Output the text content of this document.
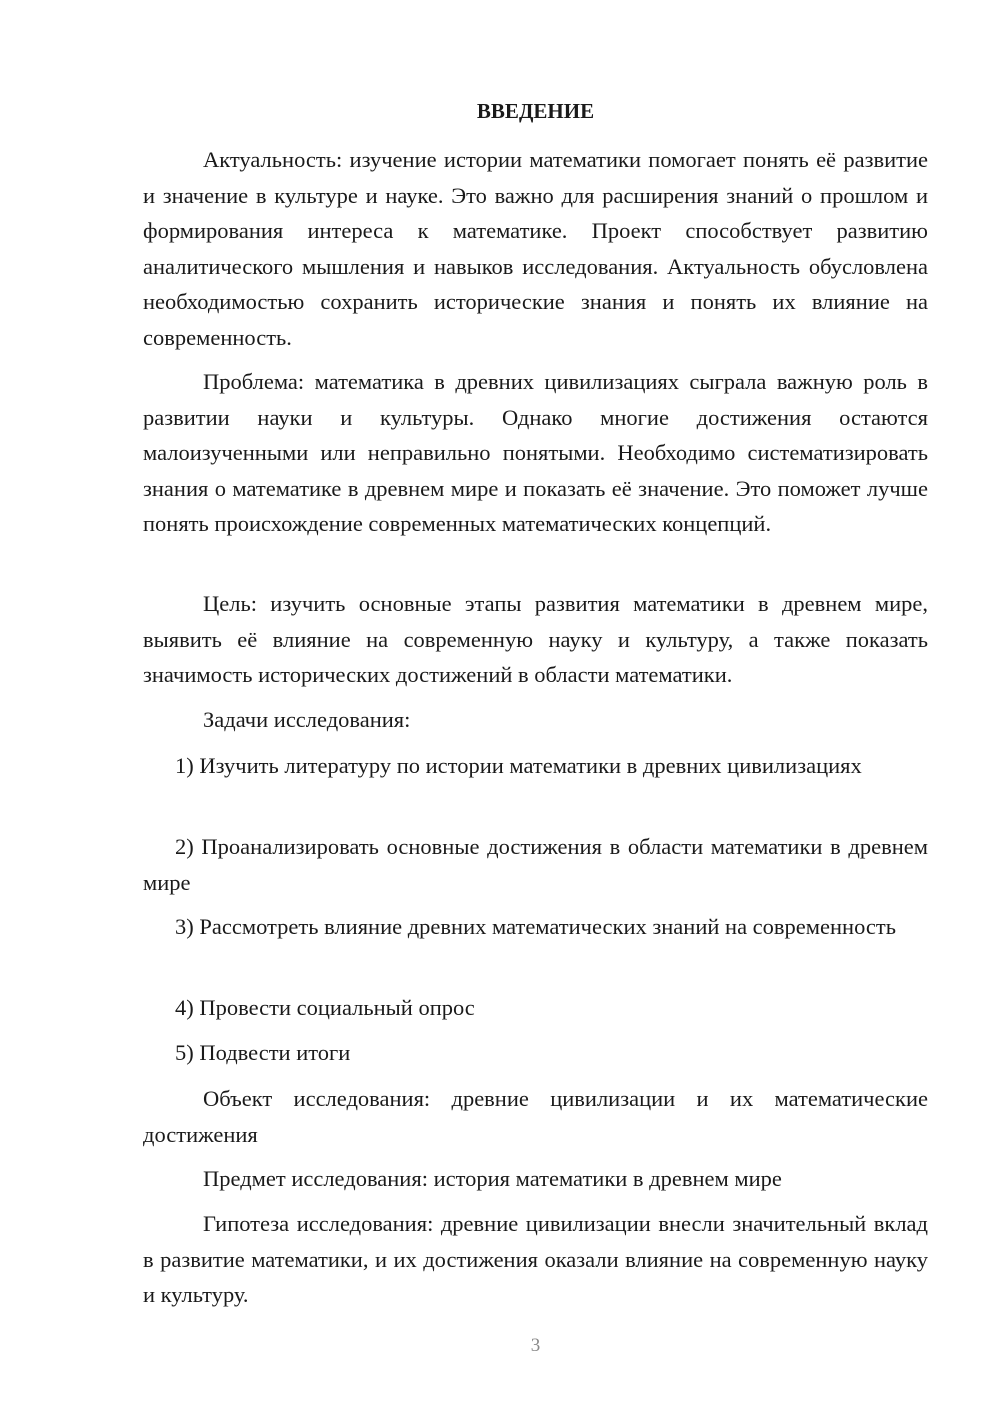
ВВЕДЕНИЕ

Актуальность: изучение истории математики помогает понять её развитие и значение в культуре и науке. Это важно для расширения знаний о прошлом и формирования интереса к математике. Проект способствует развитию аналитического мышления и навыков исследования. Актуальность обусловлена необходимостью сохранить исторические знания и понять их влияние на современность.

Проблема: математика в древних цивилизациях сыграла важную роль в развитии науки и культуры. Однако многие достижения остаются малоизученными или неправильно понятыми. Необходимо систематизировать знания о математике в древнем мире и показать её значение. Это поможет лучше понять происхождение современных математических концепций.

Цель: изучить основные этапы развития математики в древнем мире, выявить её влияние на современную науку и культуру, а также показать значимость исторических достижений в области математики.

Задачи исследования:

1) Изучить литературу по истории математики в древних цивилизациях

2) Проанализировать основные достижения в области математики в древнем мире

3) Рассмотреть влияние древних математических знаний на современность

4) Провести социальный опрос

5) Подвести итоги

Объект исследования: древние цивилизации и их математические достижения

Предмет исследования: история математики в древнем мире

Гипотеза исследования: древние цивилизации внесли значительный вклад в развитие математики, и их достижения оказали влияние на современную науку и культуру.

3
